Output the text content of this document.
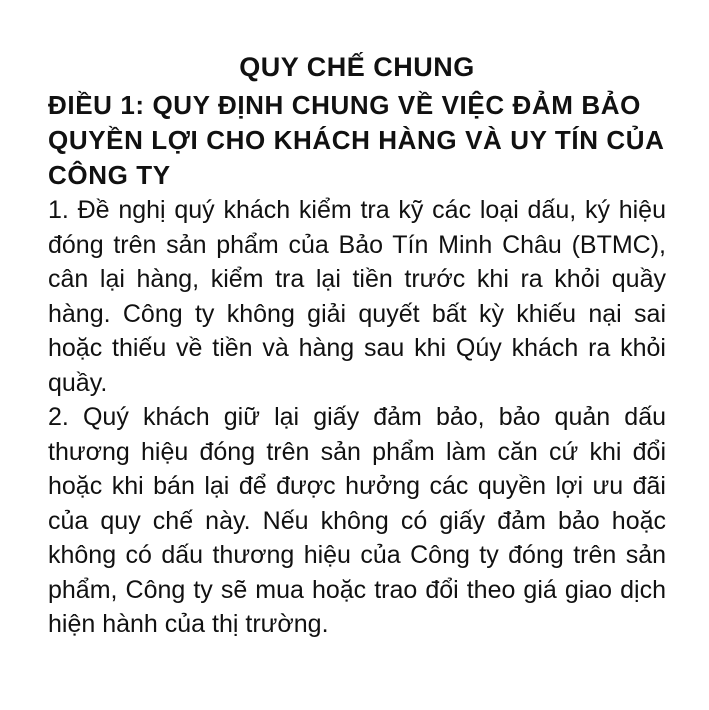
QUY CHẾ CHUNG
ĐIỀU 1: QUY ĐỊNH CHUNG VỀ VIỆC ĐẢM BẢO QUYỀN LỢI CHO KHÁCH HÀNG VÀ UY TÍN CỦA CÔNG TY

1. Đề nghị quý khách kiểm tra kỹ các loại dấu, ký hiệu đóng trên sản phẩm của Bảo Tín Minh Châu (BTMC), cân lại hàng, kiểm tra lại tiền trước khi ra khỏi quầy hàng. Công ty không giải quyết bất kỳ khiếu nại sai hoặc thiếu về tiền và hàng sau khi Qúy khách ra khỏi quầy.

2. Quý khách giữ lại giấy đảm bảo, bảo quản dấu thương hiệu đóng trên sản phẩm làm căn cứ khi đổi hoặc khi bán lại để được hưởng các quyền lợi ưu đãi của quy chế này. Nếu không có giấy đảm bảo hoặc không có dấu thương hiệu của Công ty đóng trên sản phẩm, Công ty sẽ mua hoặc trao đổi theo giá giao dịch hiện hành của thị trường.
